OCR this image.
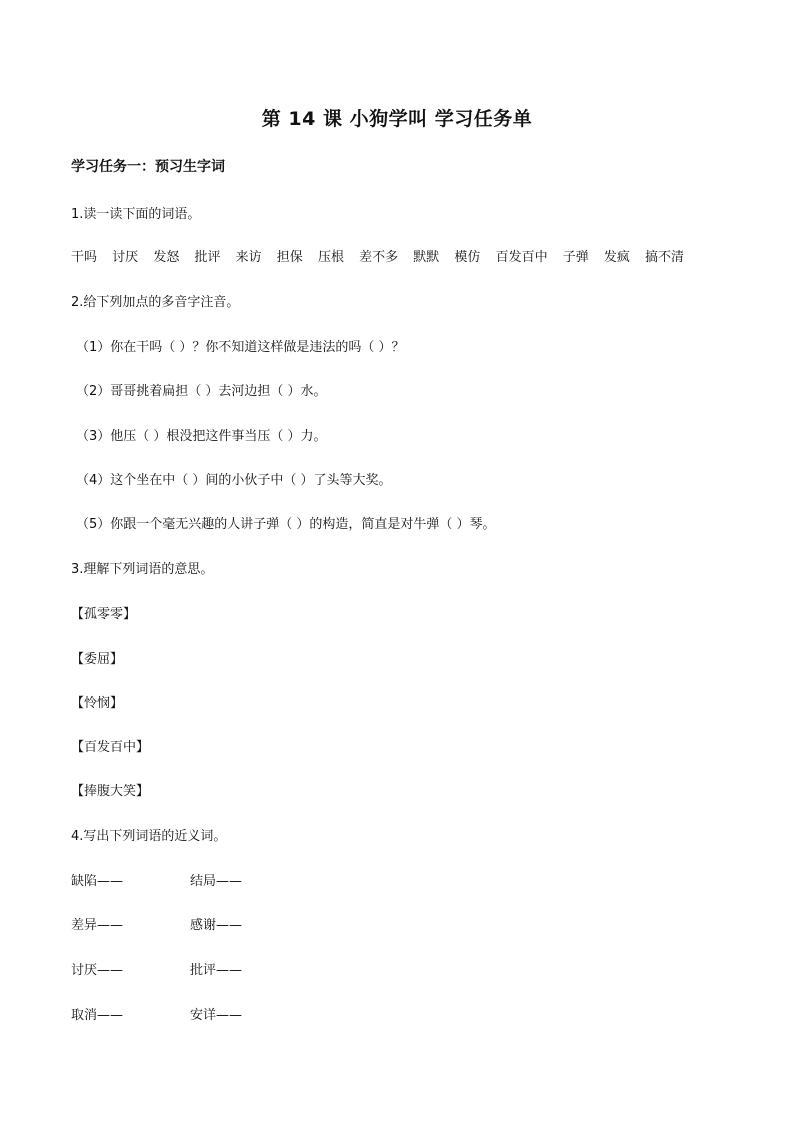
第 14 课 小狗学叫 学习任务单
学习任务一：预习生字词
1.读一读下面的词语。
干吗 讨厌 发怒 批评 来访 担保 压根 差不多 默默 模仿 百发百中 子弹 发疯 搞不清
2.给下列加点的多音字注音。
（1）你在干吗（ ）？你不知道这样做是违法的吗（ ）？
（2）哥哥挑着扁担（ ）去河边担（ ）水。
（3）他压（ ）根没把这件事当压（ ）力。
（4）这个坐在中（ ）间的小伙子中（ ）了头等大奖。
（5）你跟一个毫无兴趣的人讲子弹（ ）的构造，简直是对牛弹（ ）琴。
3.理解下列词语的意思。
【孤零零】
【委屈】
【怜悯】
【百发百中】
【捧腹大笑】
4.写出下列词语的近义词。
缺陷——	结局——
差异——	感谢——
讨厌——	批评——
取消——	安详——
